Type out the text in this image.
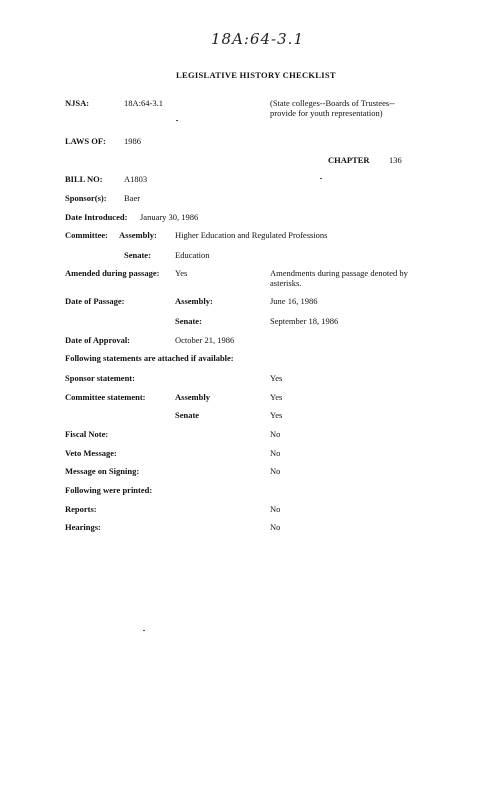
18A:64-3.1
LEGISLATIVE HISTORY CHECKLIST
NJSA:	18A:64-3.1	(State colleges--Boards of Trustees--provide for youth representation)
LAWS OF: 1986
CHAPTER 136
BILL NO:	A1803
Sponsor(s): Baer
Date Introduced: January 30, 1986
Committee: Assembly: Higher Education and Regulated Professions
Senate:	Education
Amended during passage: Yes	Amendments during passage denoted by asterisks.
Date of Passage:	Assembly:	June 16, 1986
Senate:	September 18, 1986
Date of Approval:	October 21, 1986
Following statements are attached if available:
Sponsor statement:	Yes
Committee statement:	Assembly	Yes
Senate	Yes
Fiscal Note:	No
Veto Message:	No
Message on Signing:	No
Following were printed:
Reports:	No
Hearings:	No
